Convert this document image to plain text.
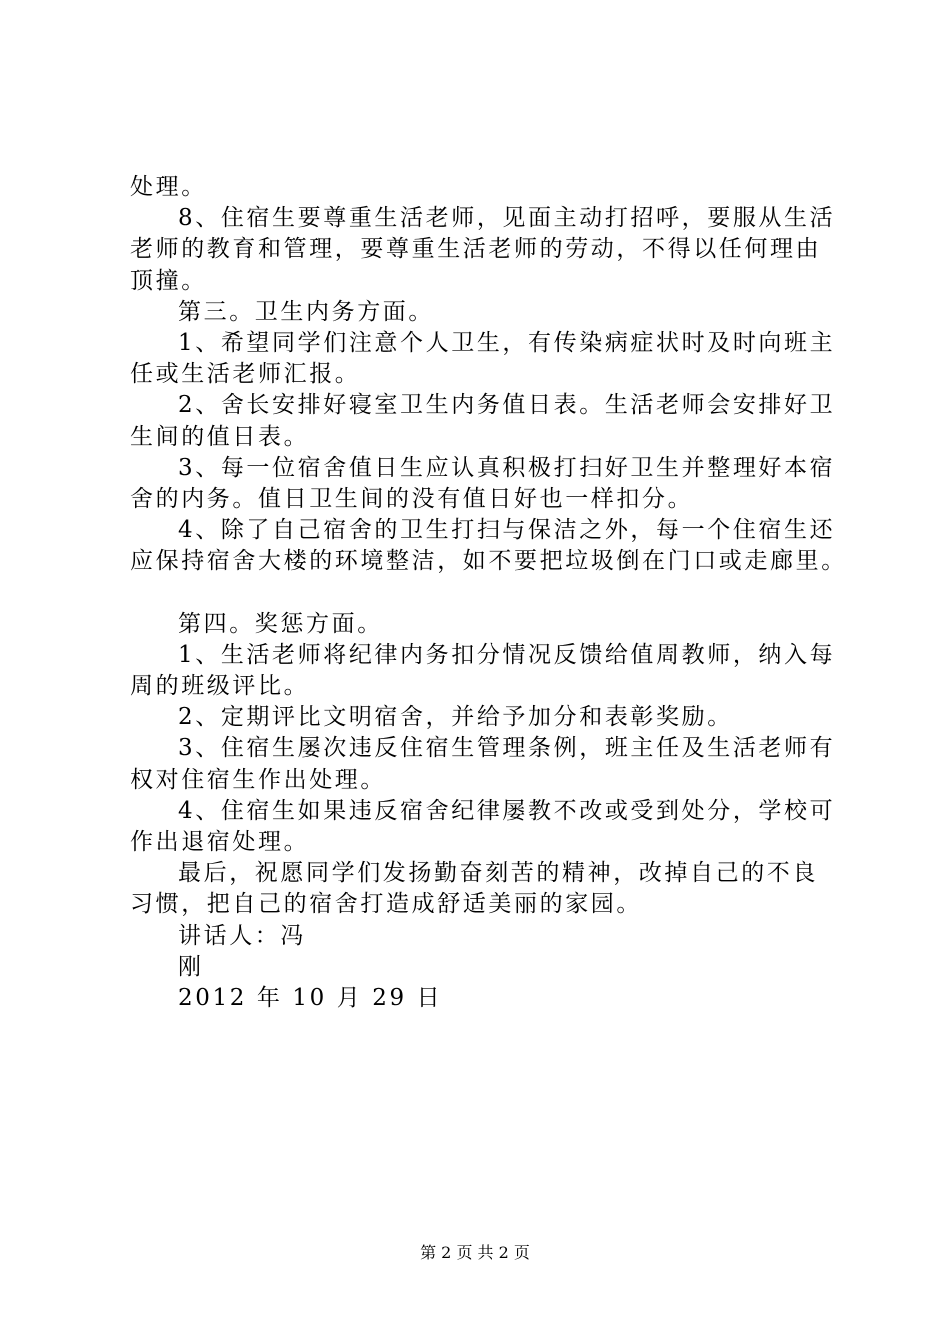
处理。
8、住宿生要尊重生活老师，见面主动打招呼，要服从生活
老师的教育和管理，要尊重生活老师的劳动，不得以任何理由
顶撞。
第三。卫生内务方面。
1、希望同学们注意个人卫生，有传染病症状时及时向班主
任或生活老师汇报。
2、舍长安排好寝室卫生内务值日表。生活老师会安排好卫
生间的值日表。
3、每一位宿舍值日生应认真积极打扫好卫生并整理好本宿
舍的内务。值日卫生间的没有值日好也一样扣分。
4、除了自己宿舍的卫生打扫与保洁之外，每一个住宿生还
应保持宿舍大楼的环境整洁，如不要把垃圾倒在门口或走廊里。
第四。奖惩方面。
1、生活老师将纪律内务扣分情况反馈给值周教师，纳入每
周的班级评比。
2、定期评比文明宿舍，并给予加分和表彰奖励。
3、住宿生屡次违反住宿生管理条例，班主任及生活老师有
权对住宿生作出处理。
4、住宿生如果违反宿舍纪律屡教不改或受到处分，学校可
作出退宿处理。
最后，祝愿同学们发扬勤奋刻苦的精神，改掉自己的不良
习惯，把自己的宿舍打造成舒适美丽的家园。
讲话人：冯
刚
2012 年 10 月 29 日
第 2 页 共 2 页
